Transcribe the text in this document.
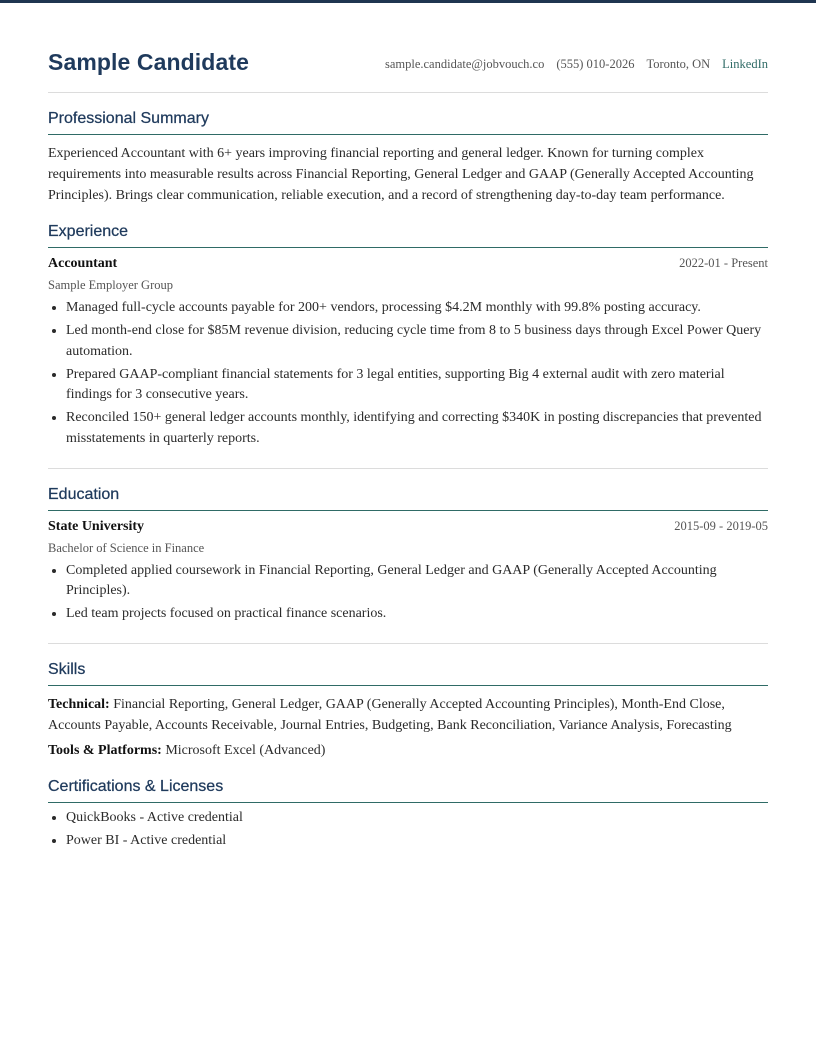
Sample Candidate	sample.candidate@jobvouch.co (555) 010-2026 Toronto, ON LinkedIn
Professional Summary

Experienced Accountant with 6+ years improving financial reporting and general ledger. Known for turning complex requirements into measurable results across Financial Reporting, General Ledger and GAAP (Generally Accepted Accounting Principles). Brings clear communication, reliable execution, and a record of strengthening day-to-day team performance.

Experience
Accountant	2022-01 - Present
Sample Employer Group
• Managed full-cycle accounts payable for 200+ vendors, processing $4.2M monthly with 99.8% posting accuracy.
• Led month-end close for $85M revenue division, reducing cycle time from 8 to 5 business days through Excel Power Query automation.
• Prepared GAAP-compliant financial statements for 3 legal entities, supporting Big 4 external audit with zero material findings for 3 consecutive years.
• Reconciled 150+ general ledger accounts monthly, identifying and correcting $340K in posting discrepancies that prevented misstatements in quarterly reports.
Education
State University	2015-09 - 2019-05
Bachelor of Science in Finance
• Completed applied coursework in Financial Reporting, General Ledger and GAAP (Generally Accepted Accounting Principles).
• Led team projects focused on practical finance scenarios.
Skills
Technical: Financial Reporting, General Ledger, GAAP (Generally Accepted Accounting Principles), Month-End Close, Accounts Payable, Accounts Receivable, Journal Entries, Budgeting, Bank Reconciliation, Variance Analysis, Forecasting
Tools & Platforms: Microsoft Excel (Advanced)
Certifications & Licenses
• QuickBooks - Active credential
• Power BI - Active credential
